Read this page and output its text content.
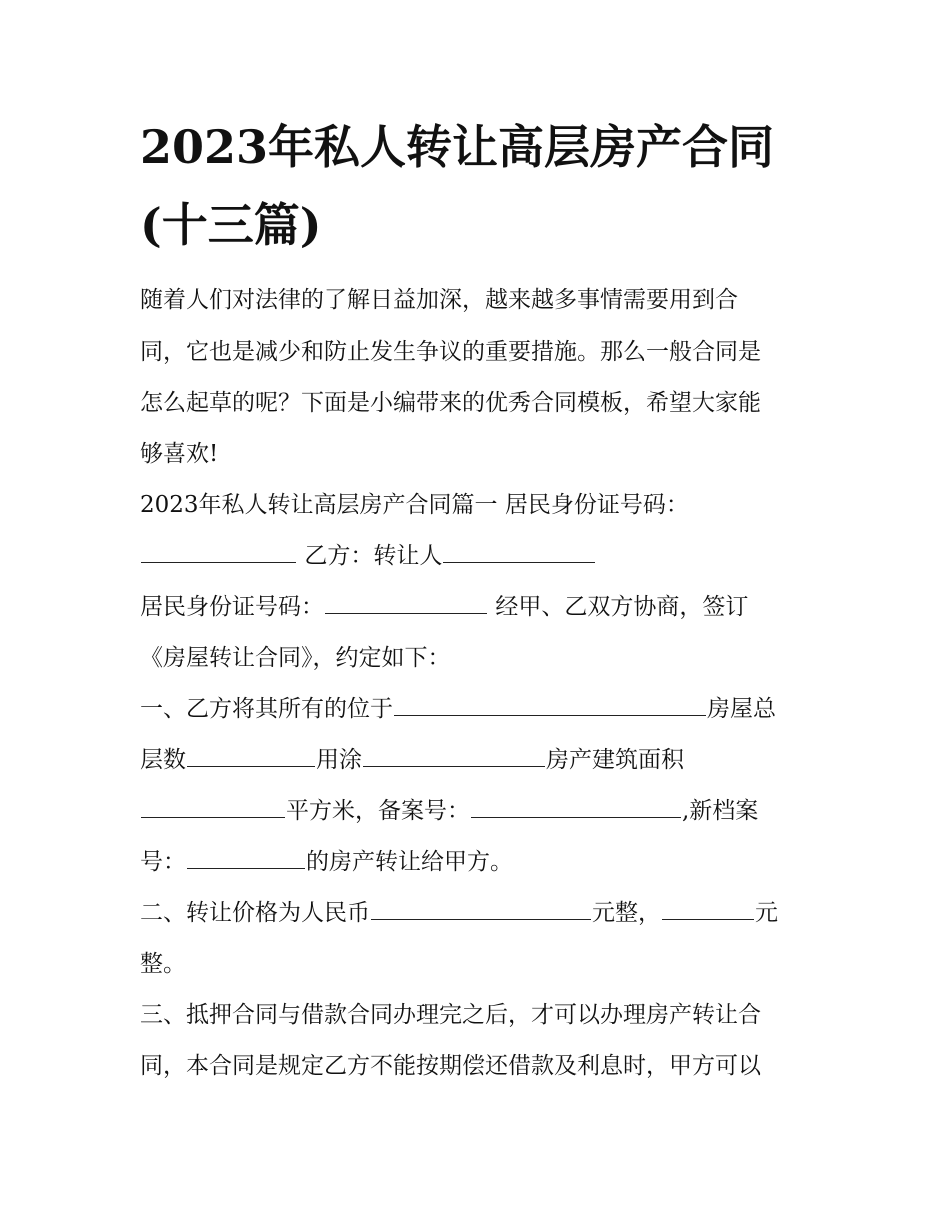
2023年私人转让高层房产合同
(十三篇)
随着人们对法律的了解日益加深，越来越多事情需要用到合
同，它也是减少和防止发生争议的重要措施。那么一般合同是
怎么起草的呢？下面是小编带来的优秀合同模板，希望大家能
够喜欢!
2023年私人转让高层房产合同篇一 居民身份证号码：
乙方：转让人
居民身份证号码：	经甲、乙双方协商，签订
《房屋转让合同》，约定如下：
一、乙方将其所有的位于	房屋总
层数	用涂	房产建筑面积
平方米，备案号：	,新档案
号：	的房产转让给甲方。
二、转让价格为人民币	元整，	元
整。
三、抵押合同与借款合同办理完之后，才可以办理房产转让合
同，本合同是规定乙方不能按期偿还借款及利息时，甲方可以
